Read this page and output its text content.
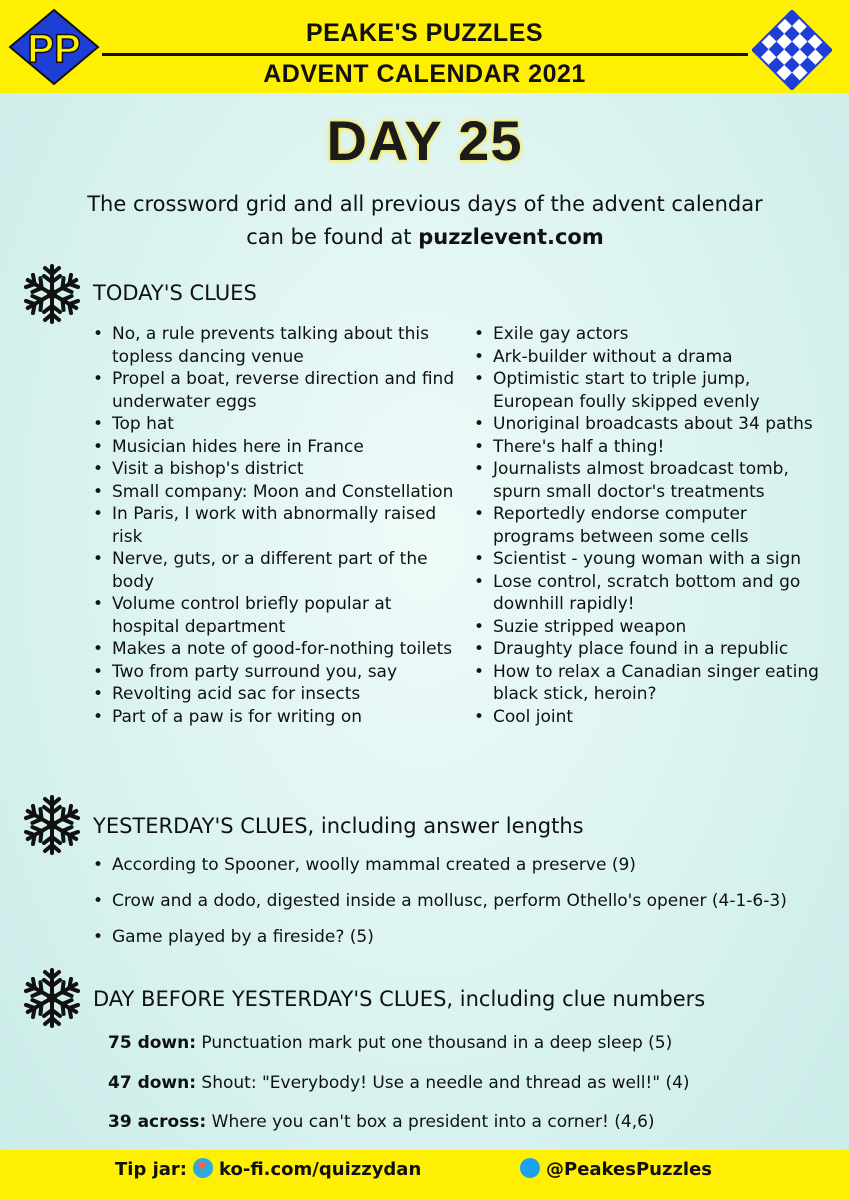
PP	PEAKE'S PUZZLES
ADVENT CALENDAR 2021
DAY 25
The crossword grid and all previous days of the advent calendar
can be found at puzzlevent.com
TODAY'S CLUES
• No, a rule prevents talking about this topless dancing venue
• Propel a boat, reverse direction and find underwater eggs
• Top hat
• Musician hides here in France
• Visit a bishop's district
• Small company: Moon and Constellation
• In Paris, I work with abnormally raised risk
• Nerve, guts, or a different part of the body
• Volume control briefly popular at hospital department
• Makes a note of good-for-nothing toilets
• Two from party surround you, say
• Revolting acid sac for insects
• Part of a paw is for writing on
• Exile gay actors
• Ark-builder without a drama
• Optimistic start to triple jump, European foully skipped evenly
• Unoriginal broadcasts about 34 paths
• There's half a thing!
• Journalists almost broadcast tomb, spurn small doctor's treatments
• Reportedly endorse computer programs between some cells
• Scientist - young woman with a sign
• Lose control, scratch bottom and go downhill rapidly!
• Suzie stripped weapon
• Draughty place found in a republic
• How to relax a Canadian singer eating black stick, heroin?
• Cool joint
YESTERDAY'S CLUES, including answer lengths
• According to Spooner, woolly mammal created a preserve (9)
• Crow and a dodo, digested inside a mollusc, perform Othello's opener (4-1-6-3)
• Game played by a fireside? (5)
DAY BEFORE YESTERDAY'S CLUES, including clue numbers
75 down: Punctuation mark put one thousand in a deep sleep (5)
47 down: Shout: "Everybody! Use a needle and thread as well!" (4)
39 across: Where you can't box a president into a corner! (4,6)
Tip jar:♥ ko-fi.com/quizzydan	@PeakesPuzzles
